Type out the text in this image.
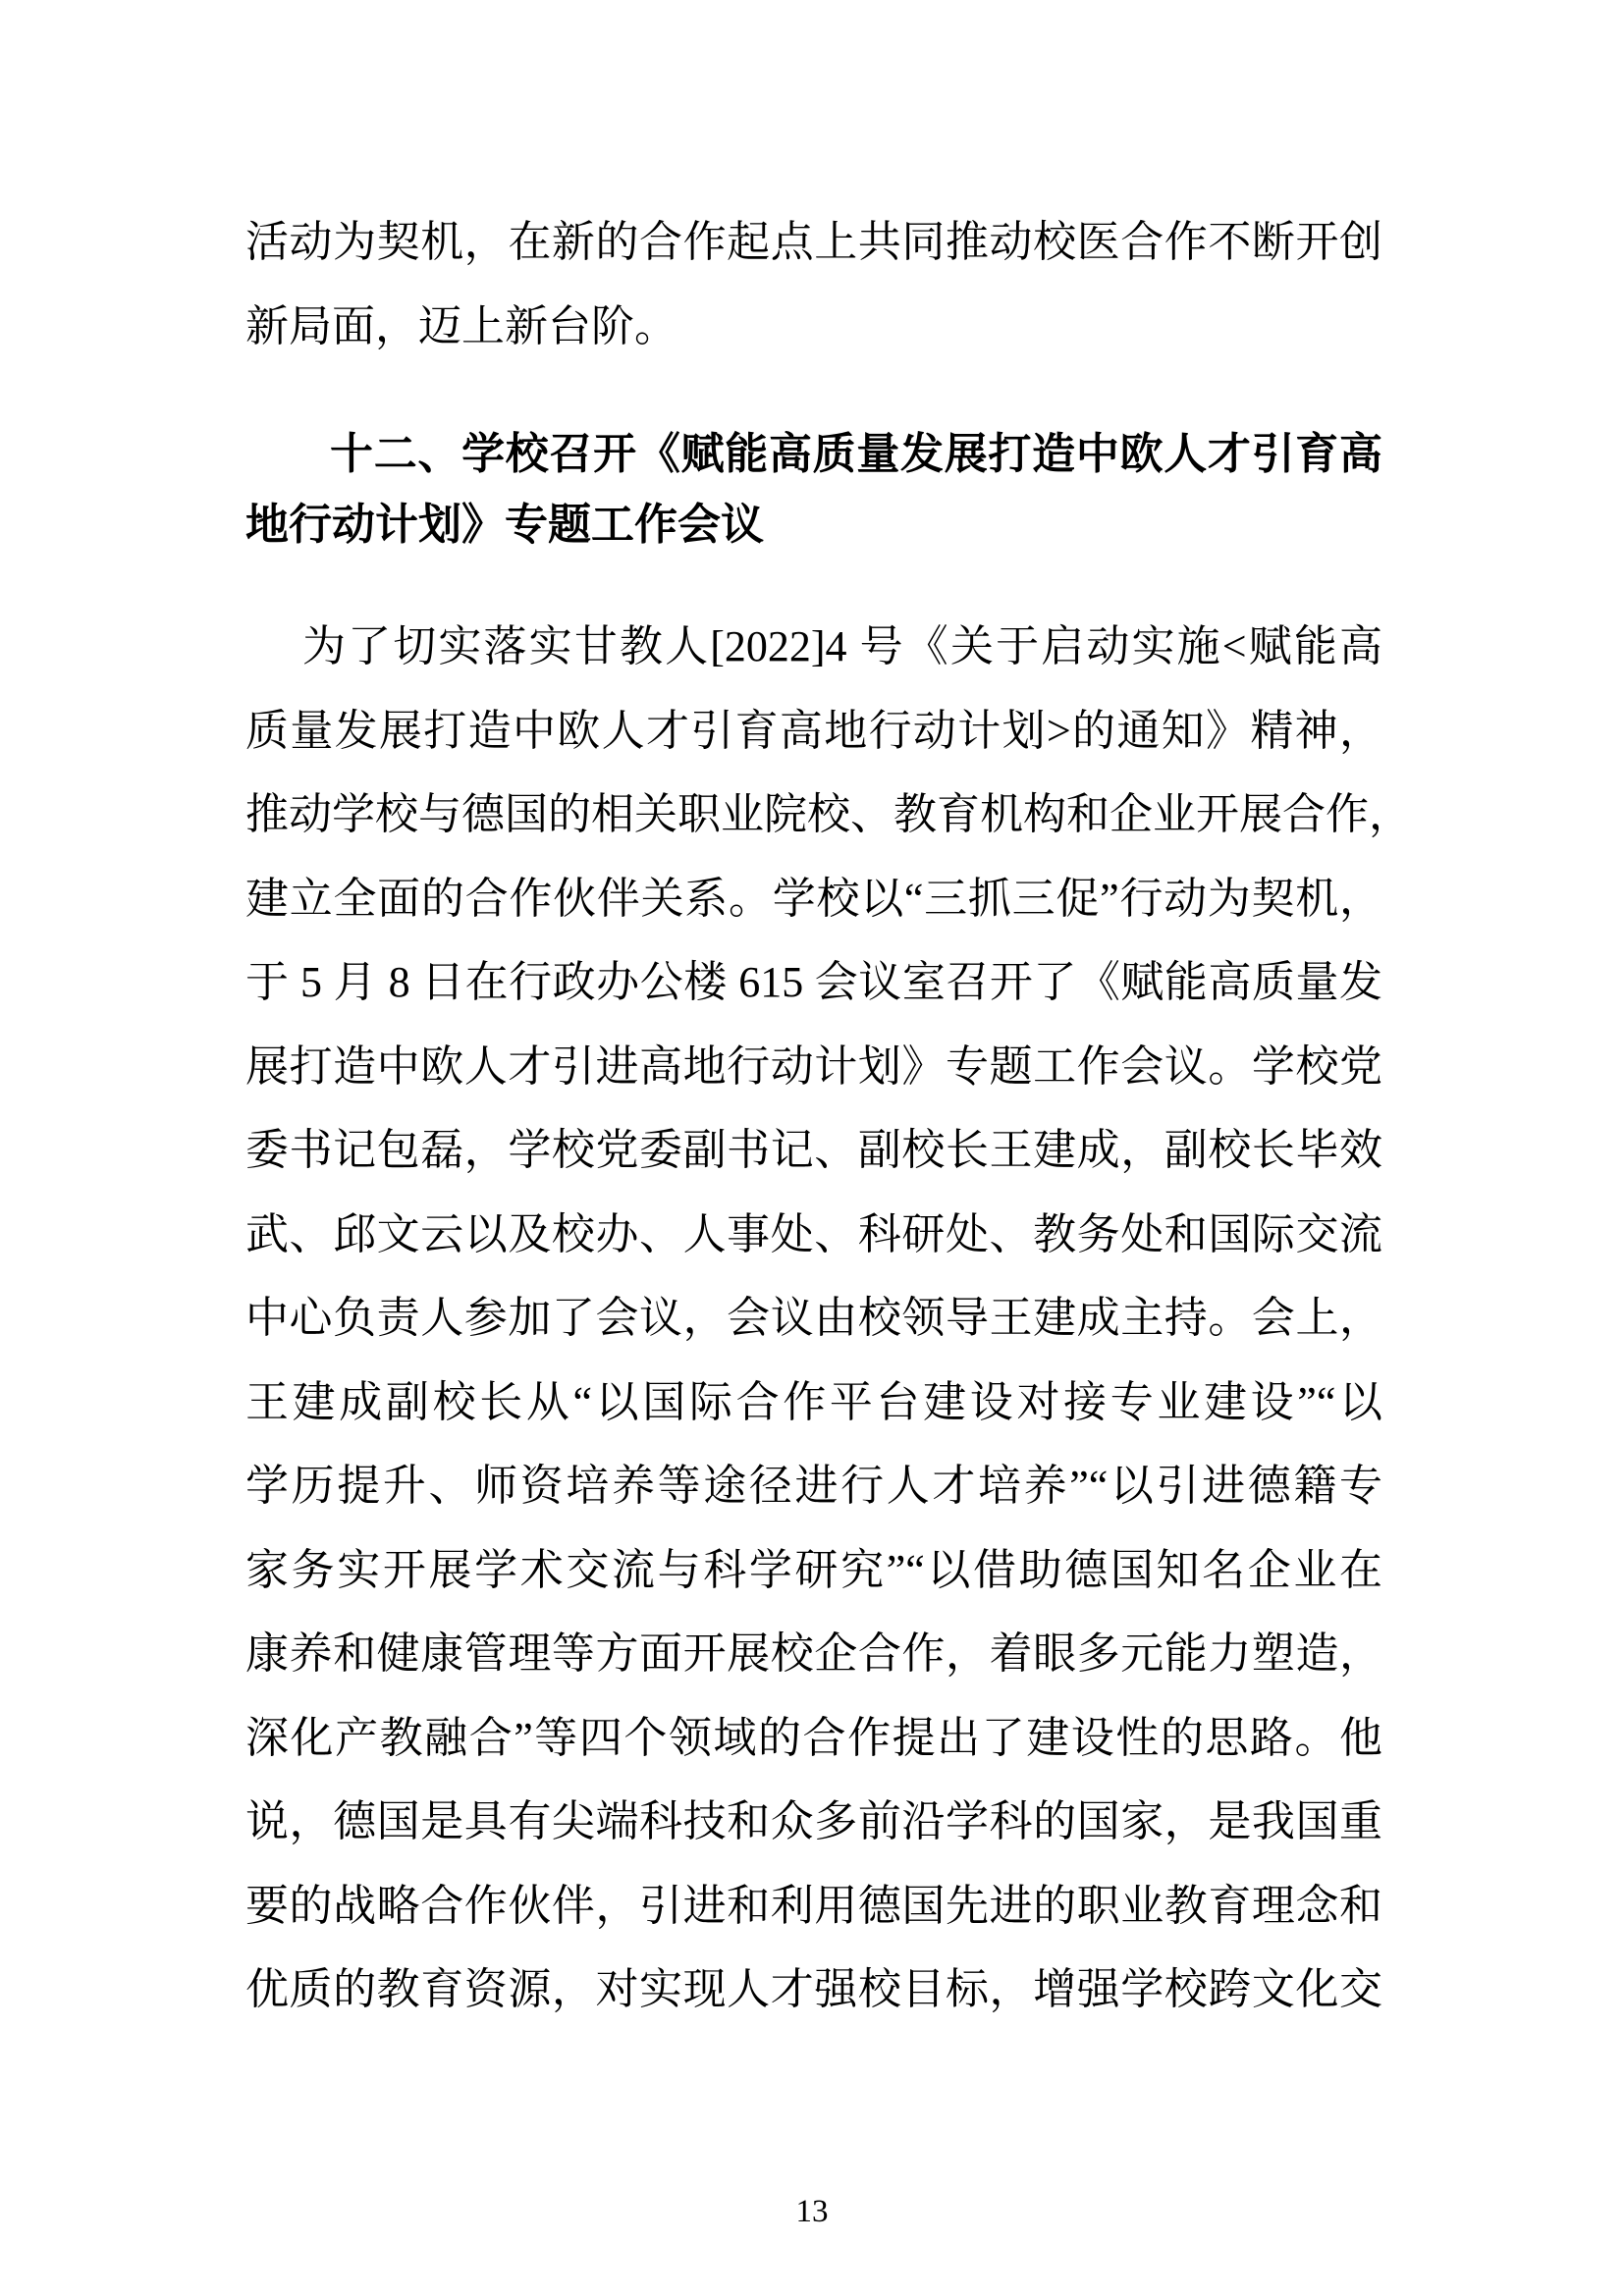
活动为契机，在新的合作起点上共同推动校医合作不断开创
新局面，迈上新台阶。
十二、学校召开《赋能高质量发展打造中欧人才引育高
地行动计划》专题工作会议
为了切实落实甘教人[2022]4 号《关于启动实施<赋能高
质量发展打造中欧人才引育高地行动计划>的通知》精神，
推动学校与德国的相关职业院校、教育机构和企业开展合作，
建立全面的合作伙伴关系。学校以“三抓三促”行动为契机，
于 5 月 8 日在行政办公楼 615 会议室召开了《赋能高质量发
展打造中欧人才引进高地行动计划》专题工作会议。学校党
委书记包磊，学校党委副书记、副校长王建成，副校长毕效
武、邱文云以及校办、人事处、科研处、教务处和国际交流
中心负责人参加了会议，会议由校领导王建成主持。会上，
王建成副校长从“以国际合作平台建设对接专业建设”“以
学历提升、师资培养等途径进行人才培养”“以引进德籍专
家务实开展学术交流与科学研究”“以借助德国知名企业在
康养和健康管理等方面开展校企合作，着眼多元能力塑造，
深化产教融合”等四个领域的合作提出了建设性的思路。他
说，德国是具有尖端科技和众多前沿学科的国家，是我国重
要的战略合作伙伴，引进和利用德国先进的职业教育理念和
优质的教育资源，对实现人才强校目标，增强学校跨文化交
13
